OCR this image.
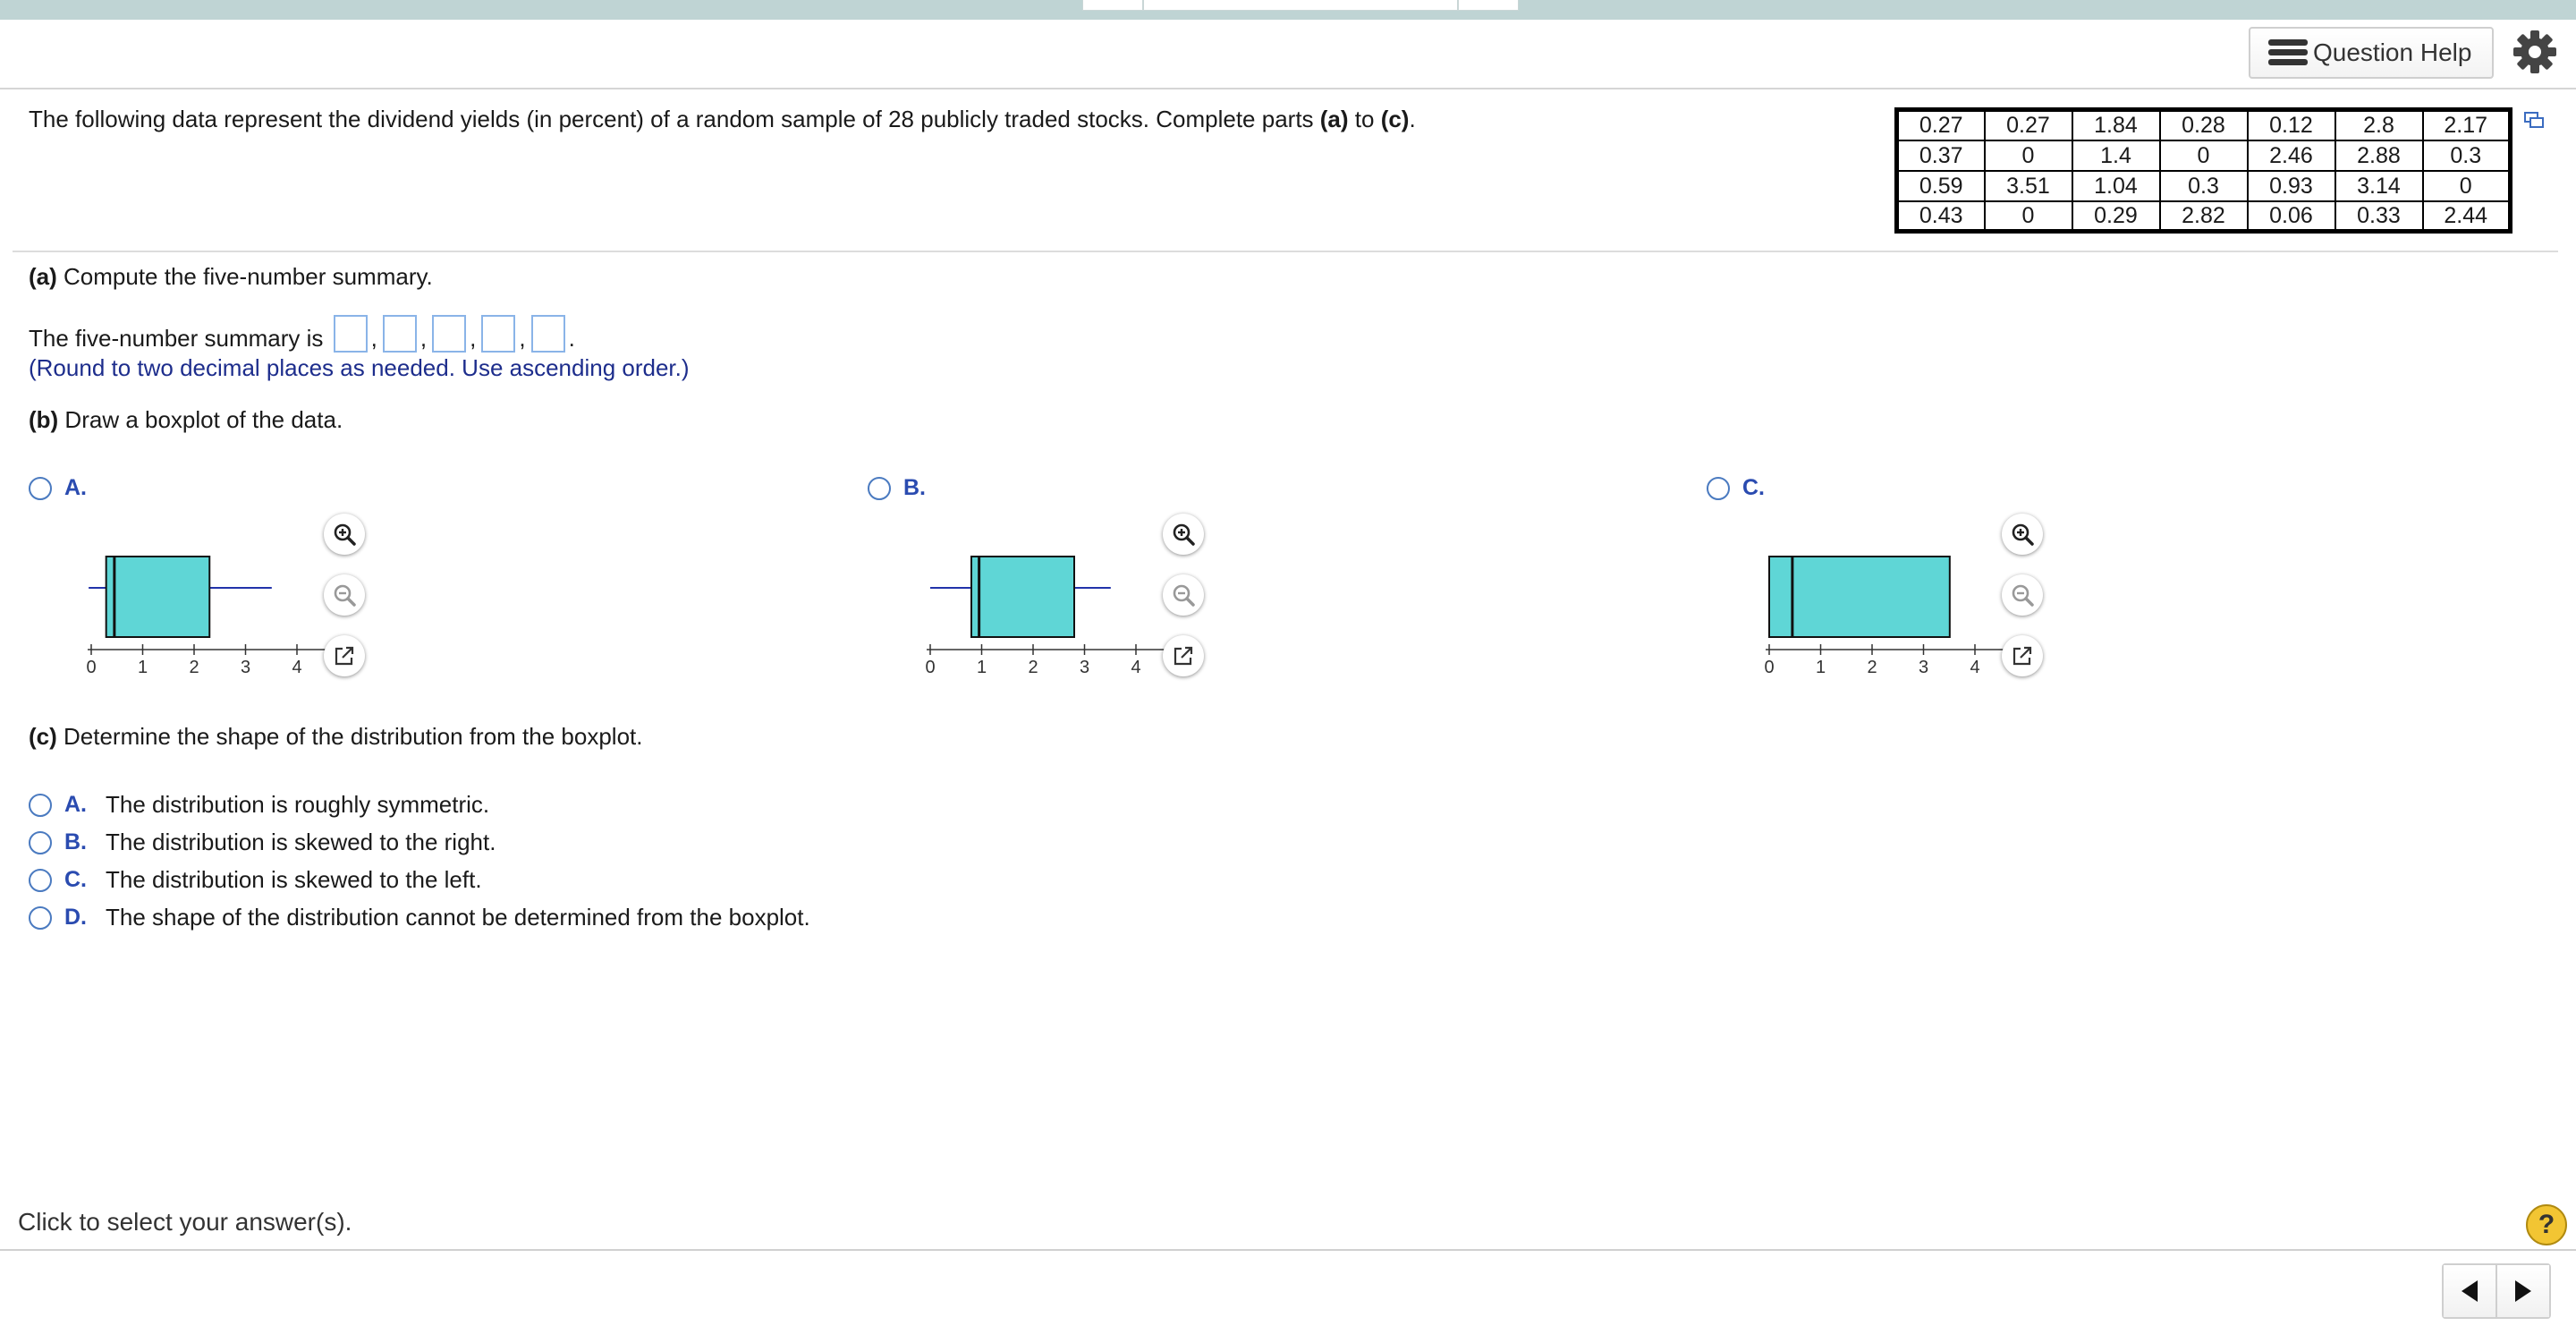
Question Help
The following data represent the dividend yields (in percent) of a random sample of 28 publicly traded stocks. Complete parts (a) to (c).	0.27	0.27	1.84	0.28	0.12	2.8	2.17
0.37	0	1.4	0	2.46	2.88	0.3
0.59	3.51	1.04	0.3	0.93	3.14	0
0.43	0	0.29	2.82	0.06	0.33	2.44
(a) Compute the five-number summary.
The five-number summary is
, , , , .
(Round to two decimal places as needed. Use ascending order.)
(b) Draw a boxplot of the data.
A.
0 1 2 3 4
B.
0 1 2 3 4
C.
0 1 2 3 4
(c) Determine the shape of the distribution from the boxplot.
A. The distribution is roughly symmetric.
B. The distribution is skewed to the right.
C. The distribution is skewed to the left.
D. The shape of the distribution cannot be determined from the boxplot.
Click to select your answer(s).	?
